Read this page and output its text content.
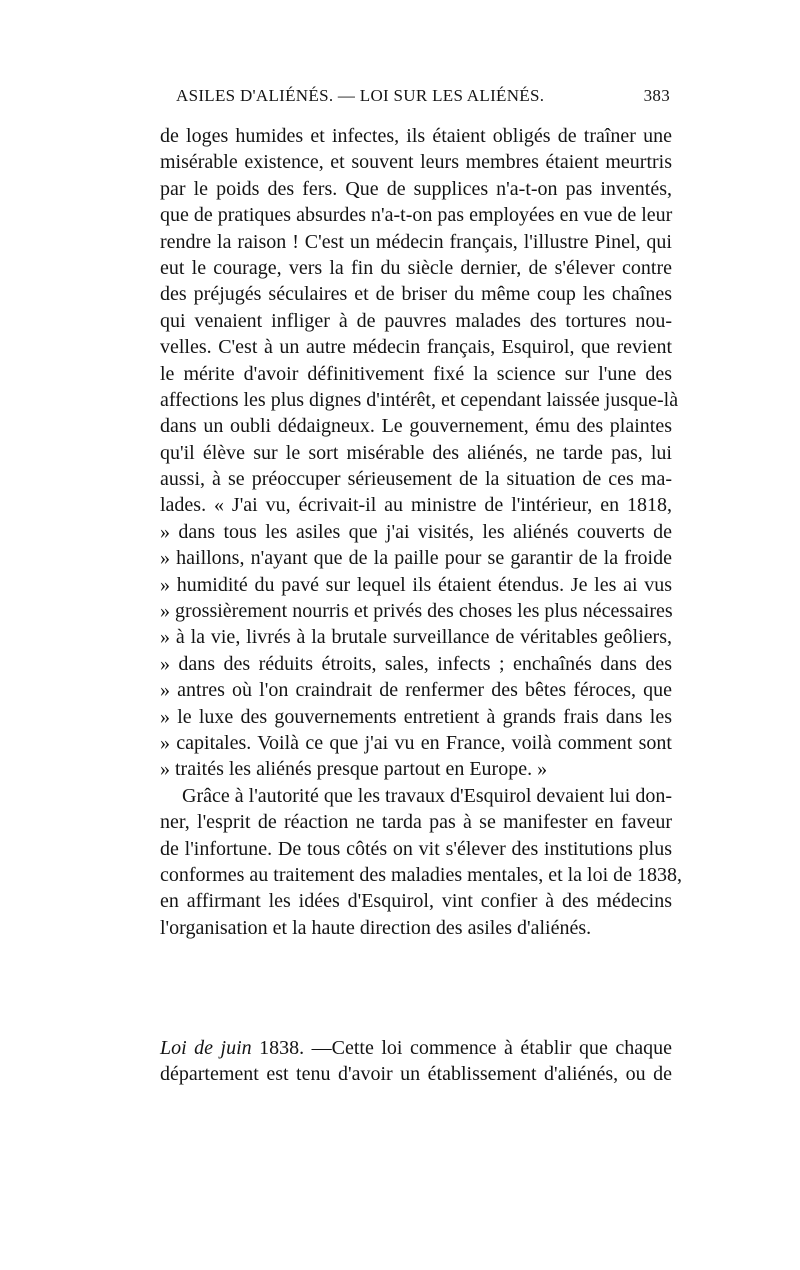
ASILES D'ALIÉNÉS. — LOI SUR LES ALIÉNÉS.	383
de loges humides et infectes, ils étaient obligés de traîner une
misérable existence, et souvent leurs membres étaient meurtris
par le poids des fers. Que de supplices n'a-t-on pas inventés,
que de pratiques absurdes n'a-t-on pas employées en vue de leur
rendre la raison ! C'est un médecin français, l'illustre Pinel, qui
eut le courage, vers la fin du siècle dernier, de s'élever contre
des préjugés séculaires et de briser du même coup les chaînes
qui venaient infliger à de pauvres malades des tortures nou-
velles. C'est à un autre médecin français, Esquirol, que revient
le mérite d'avoir définitivement fixé la science sur l'une des
affections les plus dignes d'intérêt, et cependant laissée jusque-là
dans un oubli dédaigneux. Le gouvernement, ému des plaintes
qu'il élève sur le sort misérable des aliénés, ne tarde pas, lui
aussi, à se préoccuper sérieusement de la situation de ces ma-
lades. « J'ai vu, écrivait-il au ministre de l'intérieur, en 1818,
» dans tous les asiles que j'ai visités, les aliénés couverts de
» haillons, n'ayant que de la paille pour se garantir de la froide
» humidité du pavé sur lequel ils étaient étendus. Je les ai vus
» grossièrement nourris et privés des choses les plus nécessaires
» à la vie, livrés à la brutale surveillance de véritables geôliers,
» dans des réduits étroits, sales, infects ; enchaînés dans des
» antres où l'on craindrait de renfermer des bêtes féroces, que
» le luxe des gouvernements entretient à grands frais dans les
» capitales. Voilà ce que j'ai vu en France, voilà comment sont
» traités les aliénés presque partout en Europe. »
Grâce à l'autorité que les travaux d'Esquirol devaient lui don-
ner, l'esprit de réaction ne tarda pas à se manifester en faveur
de l'infortune. De tous côtés on vit s'élever des institutions plus
conformes au traitement des maladies mentales, et la loi de 1838,
en affirmant les idées d'Esquirol, vint confier à des médecins
l'organisation et la haute direction des asiles d'aliénés.
Loi de juin 1838. —Cette loi commence à établir que chaque
département est tenu d'avoir un établissement d'aliénés, ou de
